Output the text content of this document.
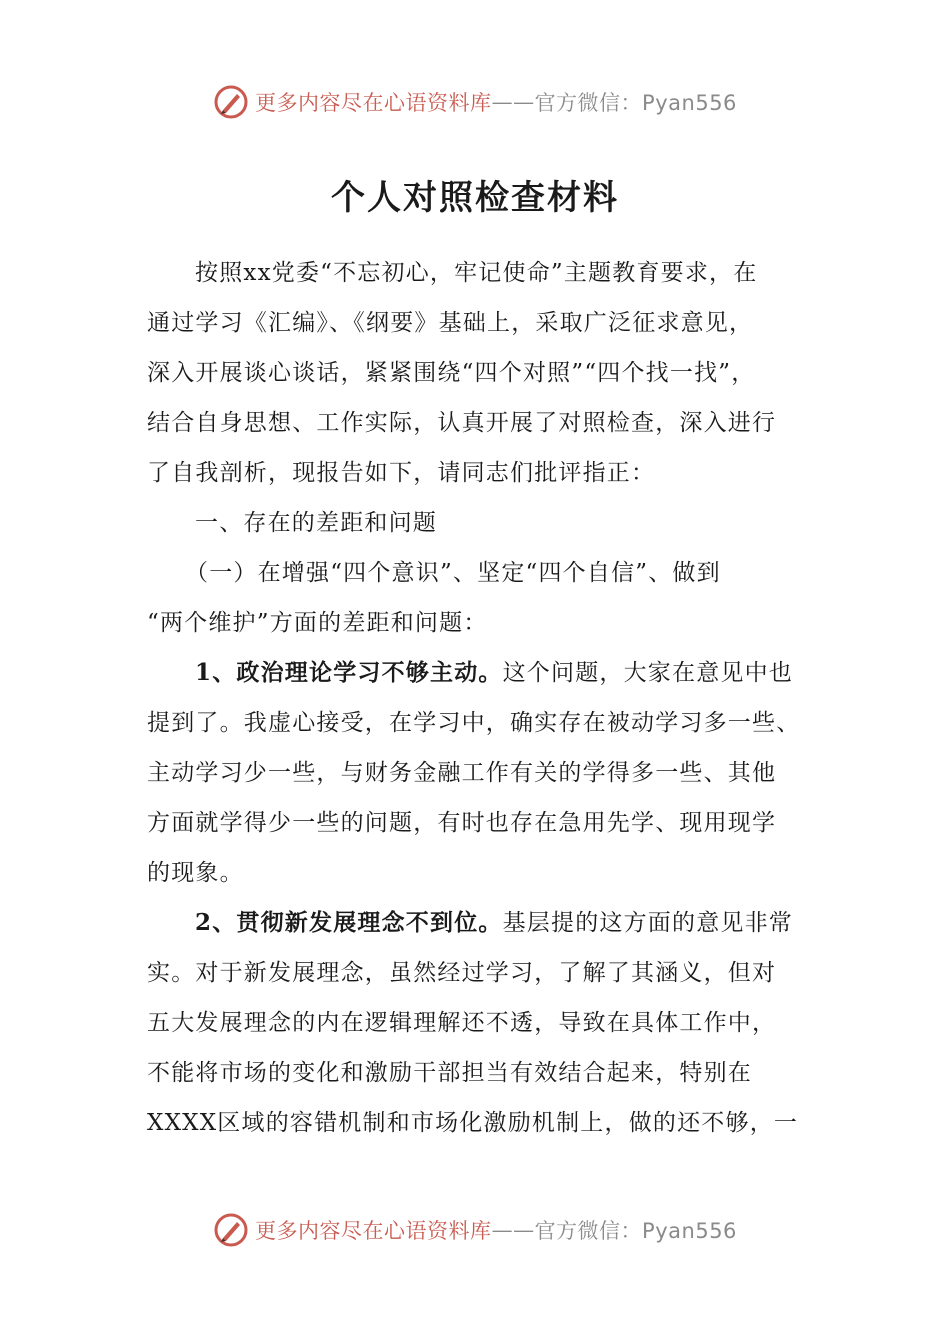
更多内容尽在心语资料库 —— 官方微信：Pyan556
个人对照检查材料
按照xx党委“不忘初心，牢记使命”主题教育要求，在
通过学习《汇编》、《纲要》基础上，采取广泛征求意见，
深入开展谈心谈话，紧紧围绕“四个对照”“四个找一找”，
结合自身思想、工作实际，认真开展了对照检查，深入进行
了自我剖析，现报告如下，请同志们批评指正：
一、存在的差距和问题
（一）在增强“四个意识”、坚定“四个自信”、做到
“两个维护”方面的差距和问题：
1、政治理论学习不够主动。这个问题，大家在意见中也
提到了。我虚心接受，在学习中，确实存在被动学习多一些、
主动学习少一些，与财务金融工作有关的学得多一些、其他
方面就学得少一些的问题，有时也存在急用先学、现用现学
的现象。
2、贯彻新发展理念不到位。基层提的这方面的意见非常
实。对于新发展理念，虽然经过学习，了解了其涵义，但对
五大发展理念的内在逻辑理解还不透，导致在具体工作中，
不能将市场的变化和激励干部担当有效结合起来，特别在
XXXX区域的容错机制和市场化激励机制上，做的还不够，一
更多内容尽在心语资料库 —— 官方微信：Pyan556
